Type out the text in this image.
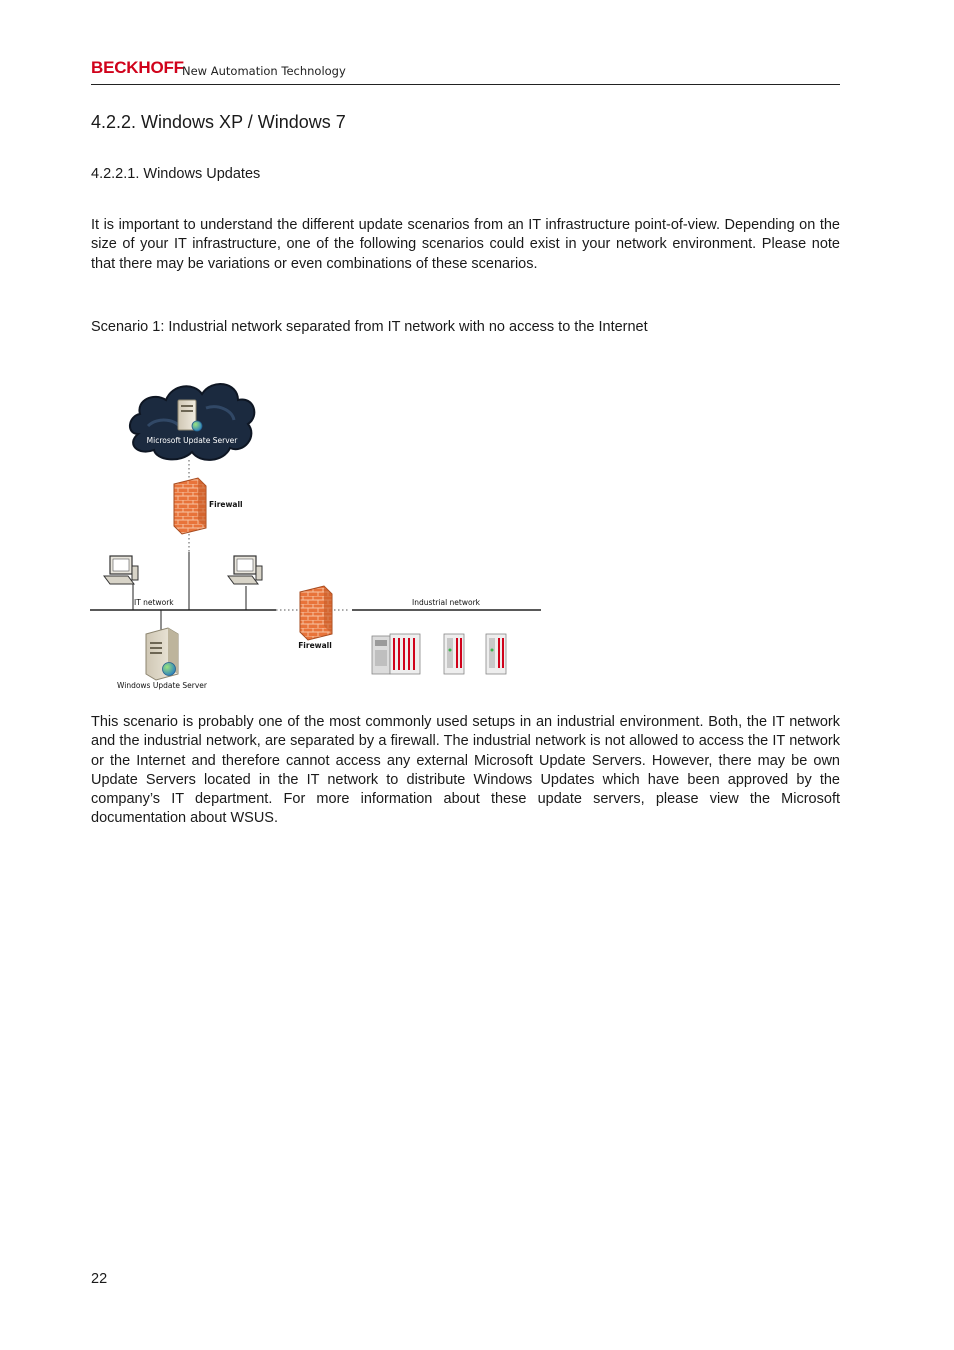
BECKHOFF
New Automation Technology
4.2.2. Windows XP / Windows 7
4.2.2.1. Windows Updates
It is important to understand the different update scenarios from an IT infrastructure point-of-view. Depending on the size of your IT infrastructure, one of the following scenarios could exist in your network environment. Please note that there may be variations or even combinations of these scenarios.
Scenario 1: Industrial network separated from IT network with no access to the Internet
Microsoft Update Server
Firewall
IT network
Firewall
Industrial network
Windows Update Server
This scenario is probably one of the most commonly used setups in an industrial environment. Both, the IT network and the industrial network, are separated by a firewall. The industrial network is not allowed to access the IT network or the Internet and therefore cannot access any external Microsoft Update Servers. However, there may be own Update Servers located in the IT network to distribute Windows Updates which have been approved by the company’s IT department. For more information about these update servers, please view the Microsoft documentation about WSUS.
22
